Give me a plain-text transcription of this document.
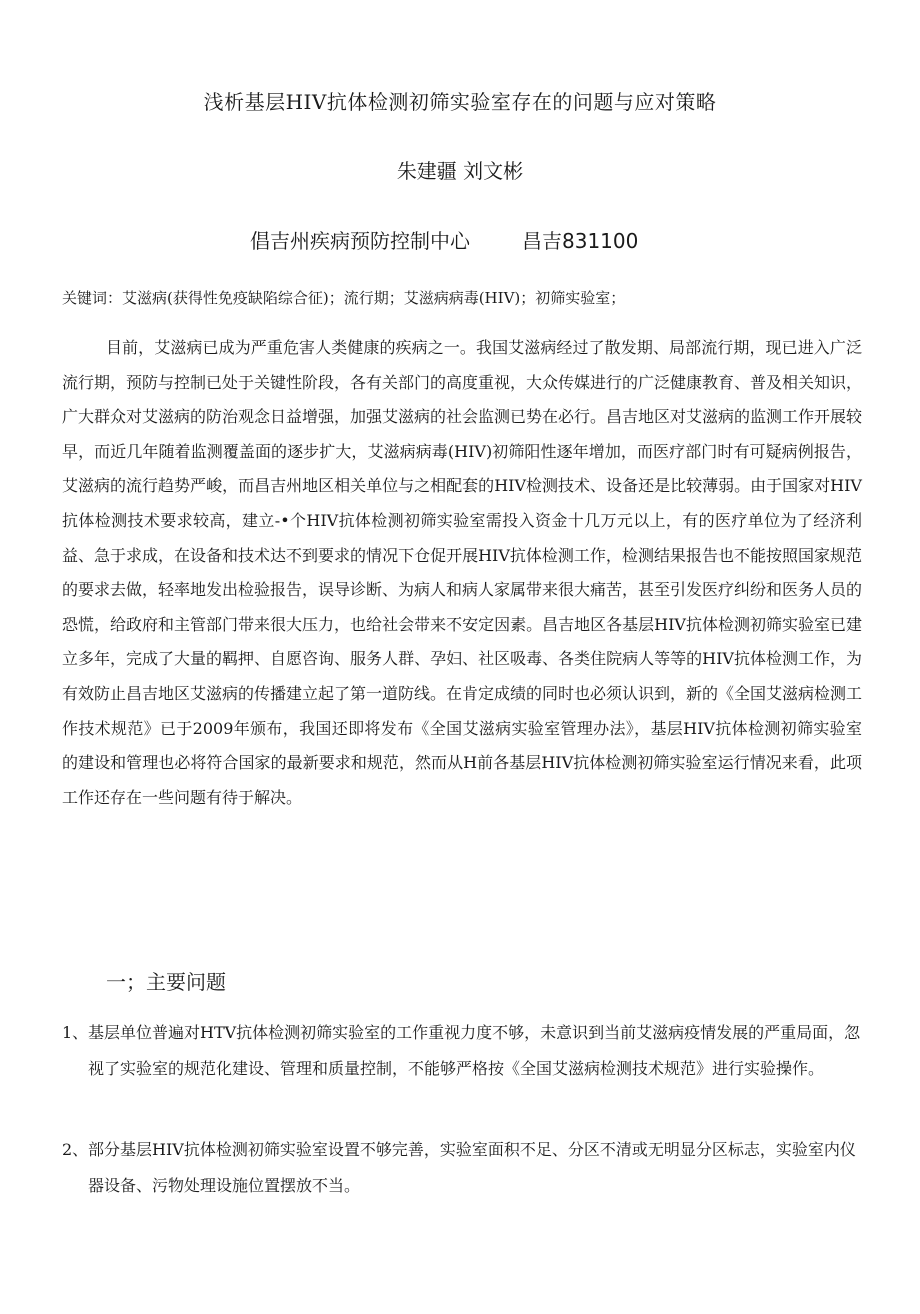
浅析基层HIV抗体检测初筛实验室存在的问题与应对策略
朱建疆 刘文彬
倡吉州疾病预防控制中心	昌吉831100
关键词：艾滋病(获得性免疫缺陷综合征)；流行期；艾滋病病毒(HIV)；初筛实验室；

目前，艾滋病已成为严重危害人类健康的疾病之一。我国艾滋病经过了散发期、局部流行期，现已进入广泛流行期，预防与控制已处于关键性阶段，各有关部门的高度重视，大众传媒进行的广泛健康教育、普及相关知识，广大群众对艾滋病的防治观念日益增强，加强艾滋病的社会监测已势在必行。昌吉地区对艾滋病的监测工作开展较早，而近几年随着监测覆盖面的逐步扩大，艾滋病病毒(HIV)初筛阳性逐年增加，而医疗部门时有可疑病例报告，艾滋病的流行趋势严峻，而昌吉州地区相关单位与之相配套的HIV检测技术、设备还是比较薄弱。由于国家对HIV抗体检测技术要求较高，建立-•个HIV抗体检测初筛实验室需投入资金十几万元以上，有的医疗单位为了经济利益、急于求成，在设备和技术达不到要求的情况下仓促开展HIV抗体检测工作，检测结果报告也不能按照国家规范的要求去做，轻率地发出检验报告，误导诊断、为病人和病人家属带来很大痛苦，甚至引发医疗纠纷和医务人员的恐慌，给政府和主管部门带来很大压力，也给社会带来不安定因素。昌吉地区各基层HIV抗体检测初筛实验室已建立多年，完成了大量的羁押、自愿咨询、服务人群、孕妇、社区吸毒、各类住院病人等等的HIV抗体检测工作，为有效防止昌吉地区艾滋病的传播建立起了第一道防线。在肯定成绩的同时也必须认识到，新的《全国艾滋病检测工作技术规范》已于2009年颁布，我国还即将发布《全国艾滋病实验室管理办法》，基层HIV抗体检测初筛实验室的建设和管理也必将符合国家的最新要求和规范，然而从H前各基层HIV抗体检测初筛实验室运行情况来看，此项工作还存在一些问题有待于解决。

一；主要问题
1、 基层单位普遍对HTV抗体检测初筛实验室的工作重视力度不够，未意识到当前艾滋病疫情发展的严重局面，忽视了实验室的规范化建设、管理和质量控制，不能够严格按《全国艾滋病检测技术规范》进行实验操作。
2、 部分基层HIV抗体检测初筛实验室设置不够完善，实验室面积不足、分区不清或无明显分区标志，实验室内仪器设备、污物处理设施位置摆放不当。
